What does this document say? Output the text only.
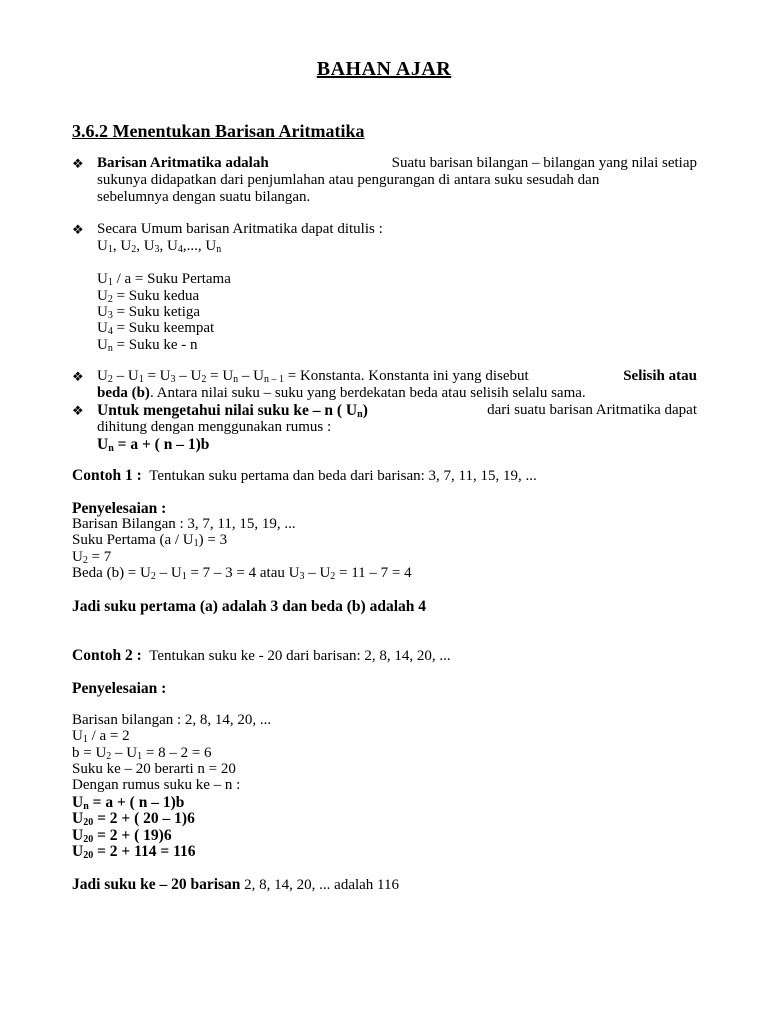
BAHAN AJAR
3.6.2 Menentukan Barisan Aritmatika
❖ Barisan Aritmatika adalah	Suatu barisan bilangan – bilangan yang nilai setiap
sukunya didapatkan dari penjumlahan atau pengurangan di antara suku sesudah dan
sebelumnya dengan suatu bilangan.
❖ Secara Umum barisan Aritmatika dapat ditulis :
$U_1$, $U_2$, $U_3$, $U_4$,..., $U_n$
$U_1$ / a = Suku Pertama
$U_2$ = Suku kedua
$U_3$ = Suku ketiga
$U_4$ = Suku keempat
$U_n$ = Suku ke - n
❖ $U_2 - U_1 = U_3 - U_2 = U_n - U_{n - 1}$ = Konstanta. Konstanta ini yang disebut	Selisih atau
beda (b). Antara nilai suku – suku yang berdekatan beda atau selisih selalu sama.
❖ Untuk mengetahui nilai suku ke – n ( $U_n$)	dari suatu barisan Aritmatika dapat
dihitung dengan menggunakan rumus :
$U_n = a$ + ( n – 1)b
Contoh 1 : Tentukan suku pertama dan beda dari barisan: 3, 7, 11, 15, 19, ...
Penyelesaian :
Barisan Bilangan : 3, 7, 11, 15, 19, ...
Suku Pertama $(a / U_1) = 3$
$U_2 = 7$
Beda $(b) = U_2 - U_1 = 7 - 3 = 4$ atau $U_3 - U_2 = 11 - 7 = 4$
Jadi suku pertama (a) adalah 3 dan beda (b) adalah 4
Contoh 2 : Tentukan suku ke - 20 dari barisan: 2, 8, 14, 20, ...
Penyelesaian :
Barisan bilangan : 2, 8, 14, 20, ...
$U_1 / a = 2$
$b = U_2 - U_1 = 8 - 2 = 6$
Suku ke – 20 berarti n = 20
Dengan rumus suku ke – n :
$U_n = a$ + ( n – 1)b
$U_{20} = 2$ + ( 20 – 1)6
$U_{20} = 2$ + ( 19)6
$U_{20} = 2 + 114 = 116$
Jadi suku ke – 20 barisan 2, 8, 14, 20, ... adalah 116
